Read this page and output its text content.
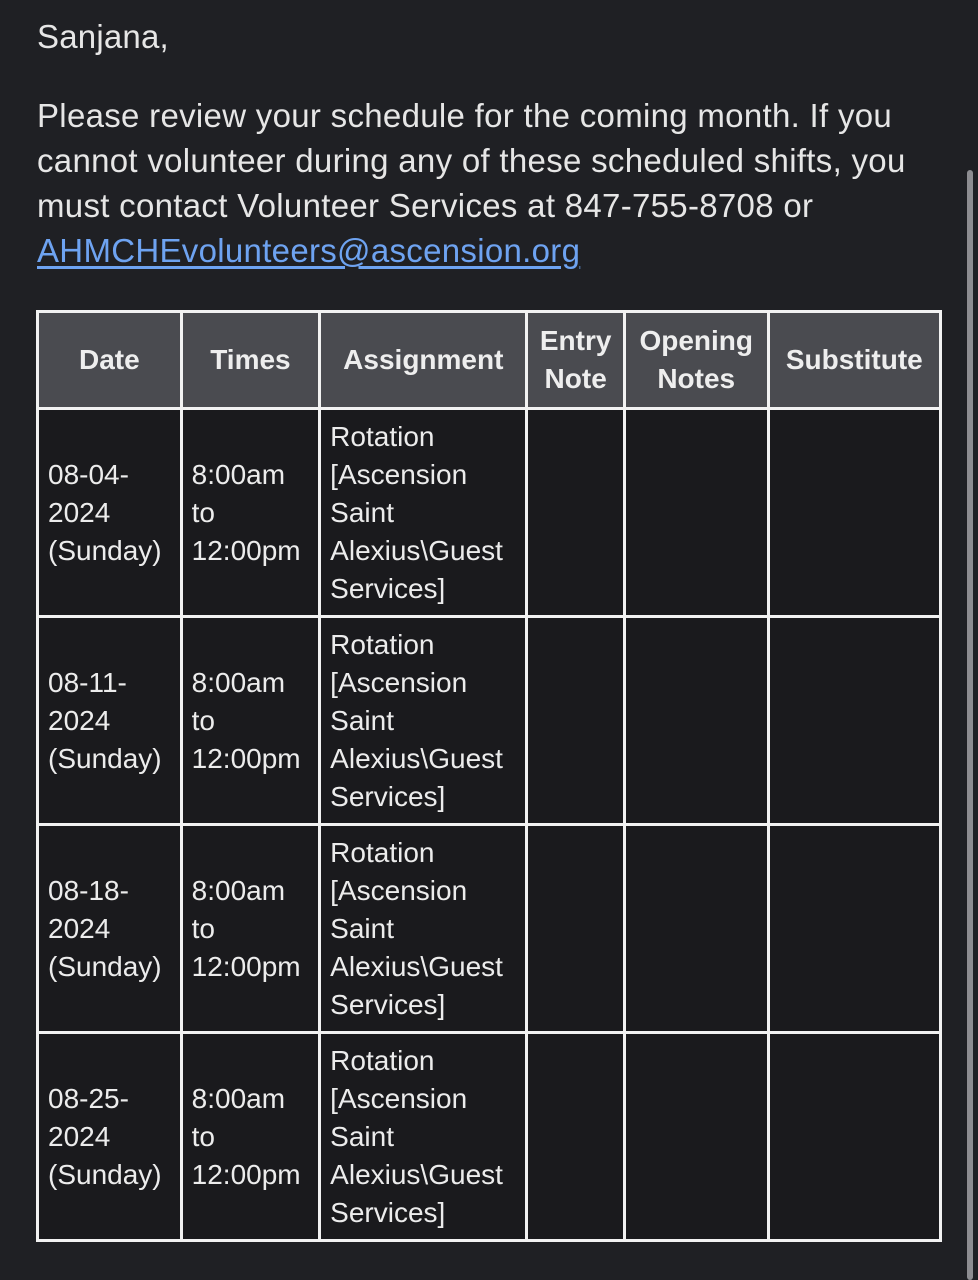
Sanjana,

Please review your schedule for the coming month. If you cannot volunteer during any of these scheduled shifts, you must contact Volunteer Services at 847-755-8708 or AHMCHEvolunteers@ascension.org

Date	Times	Assignment	Entry Note	Opening Notes	Substitute
08-04-2024 (Sunday)	8:00am to 12:00pm	Rotation [Ascension Saint Alexius\Guest Services]			
08-11-2024 (Sunday)	8:00am to 12:00pm	Rotation [Ascension Saint Alexius\Guest Services]			
08-18-2024 (Sunday)	8:00am to 12:00pm	Rotation [Ascension Saint Alexius\Guest Services]			
08-25-2024 (Sunday)	8:00am to 12:00pm	Rotation [Ascension Saint Alexius\Guest Services]			
